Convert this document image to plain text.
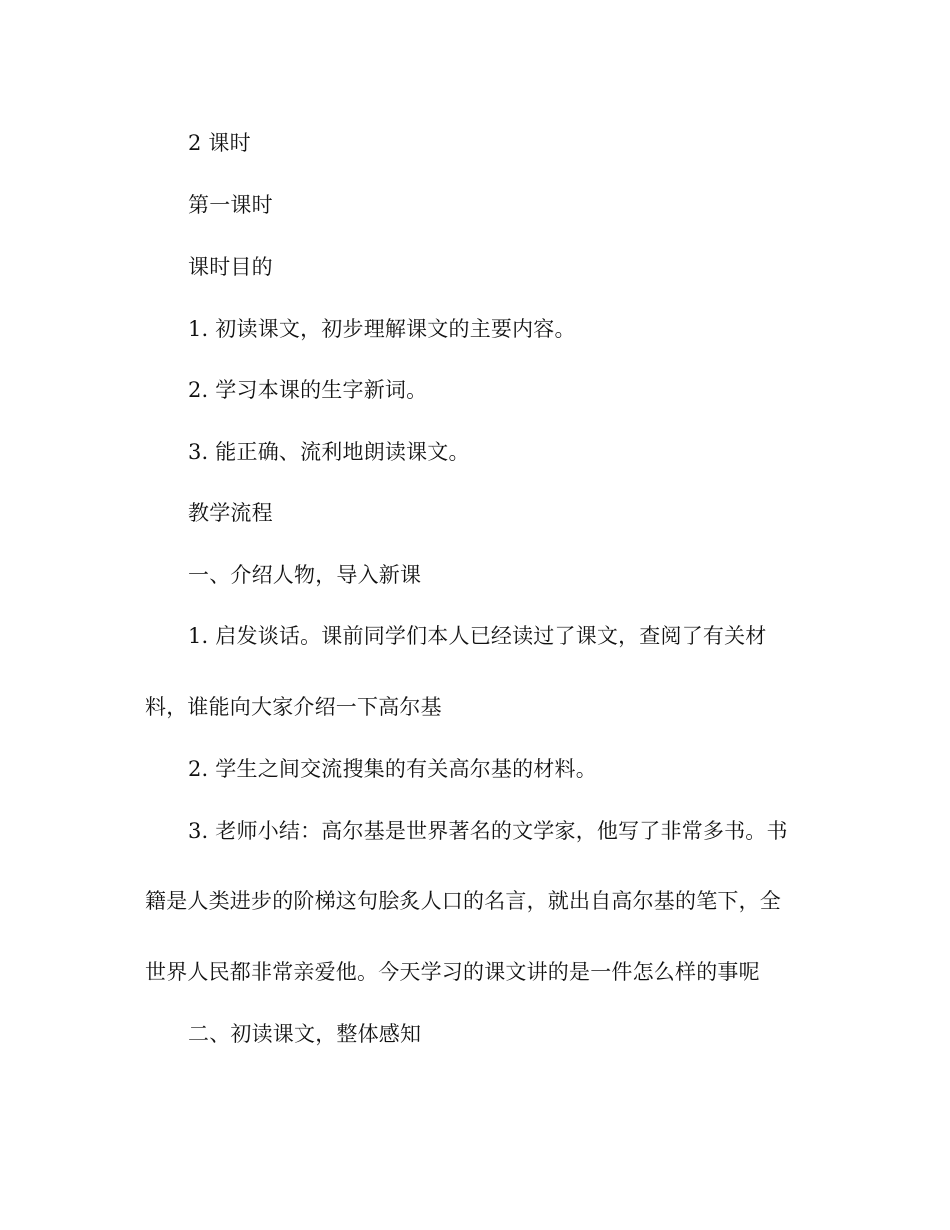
2 课时
第一课时
课时目的
1. 初读课文，初步理解课文的主要内容。
2. 学习本课的生字新词。
3. 能正确、流利地朗读课文。
教学流程
一、介绍人物，导入新课
1. 启发谈话。课前同学们本人已经读过了课文，查阅了有关材
料，谁能向大家介绍一下高尔基
2. 学生之间交流搜集的有关高尔基的材料。
3. 老师小结：高尔基是世界著名的文学家，他写了非常多书。书
籍是人类进步的阶梯这句脍炙人口的名言，就出自高尔基的笔下，全
世界人民都非常亲爱他。今天学习的课文讲的是一件怎么样的事呢
二、初读课文，整体感知
